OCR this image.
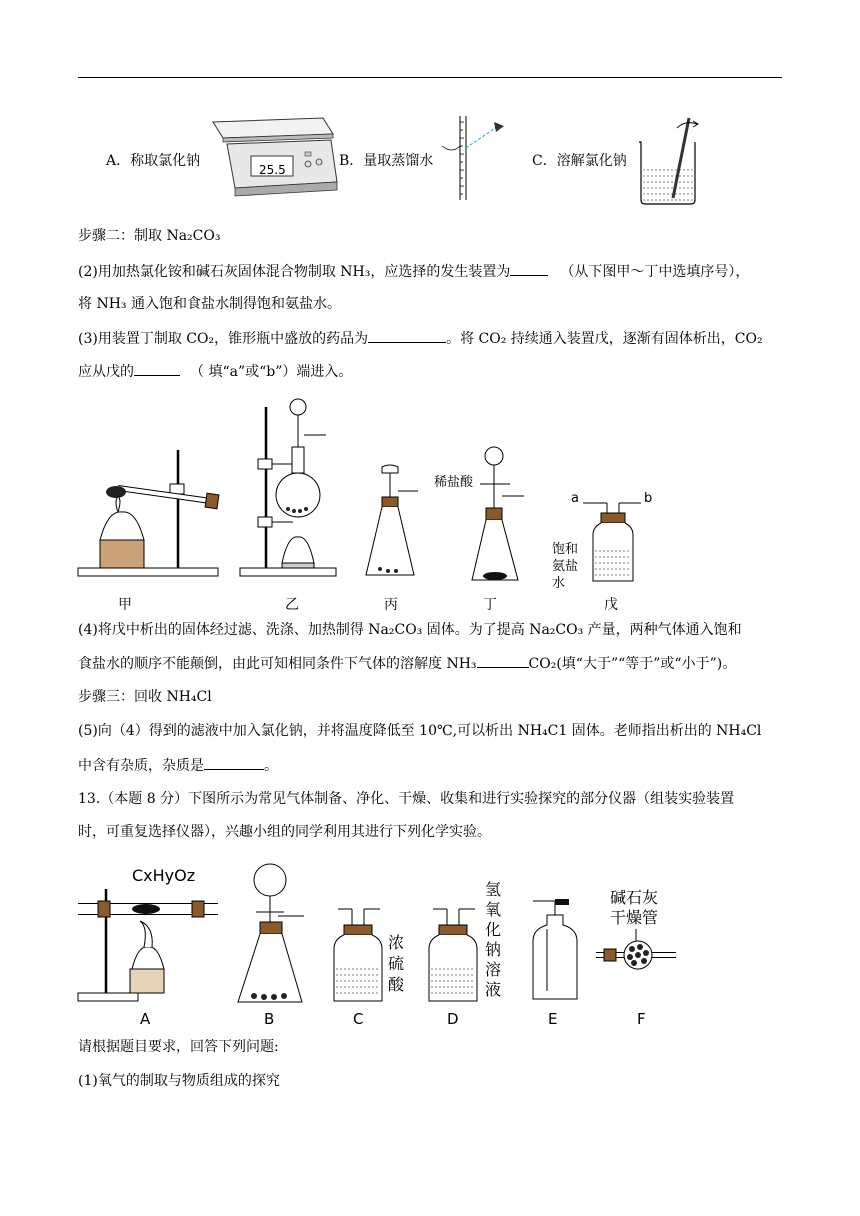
A．称取氯化钠
25.5
B．量取蒸馏水	C．溶解氯化钠
步骤二：制取 Na₂CO₃
(2)用加热氯化铵和碱石灰固体混合物制取 NH₃，应选择的发生装置为	（从下图甲～丁中选填序号），
将 NH₃ 通入饱和食盐水制得饱和氨盐水。
(3)用装置丁制取 CO₂，锥形瓶中盛放的药品为	。将 CO₂ 持续通入装置戊，逐渐有固体析出，CO₂
应从戊的	（ 填“a”或“b”）端进入。
甲	乙	丙
稀盐酸
丁
a	b
饱和
氨盐
水
戊
(4)将戊中析出的固体经过滤、洗涤、加热制得 Na₂CO₃ 固体。为了提高 Na₂CO₃ 产量，两种气体通入饱和
食盐水的顺序不能颠倒，由此可知相同条件下气体的溶解度 NH₃	CO₂(填“大于”“等于”或“小于”)。
步骤三：回收 NH₄Cl
(5)向（4）得到的滤液中加入氯化钠，并将温度降低至 10℃,可以析出 NH₄C1 固体。老师指出析出的 NH₄Cl
中含有杂质，杂质是	。
13.（本题 8 分）下图所示为常见气体制备、净化、干燥、收集和进行实验探究的部分仪器（组装实验装置
时，可重复选择仪器），兴趣小组的同学利用其进行下列化学实验。
CxHyOz
A	B
浓
硫
酸
C
氢
氧
化
钠
溶
液
D	E
碱石灰
干燥管
F
请根据题目要求，回答下列问题:
(1)氧气的制取与物质组成的探究
